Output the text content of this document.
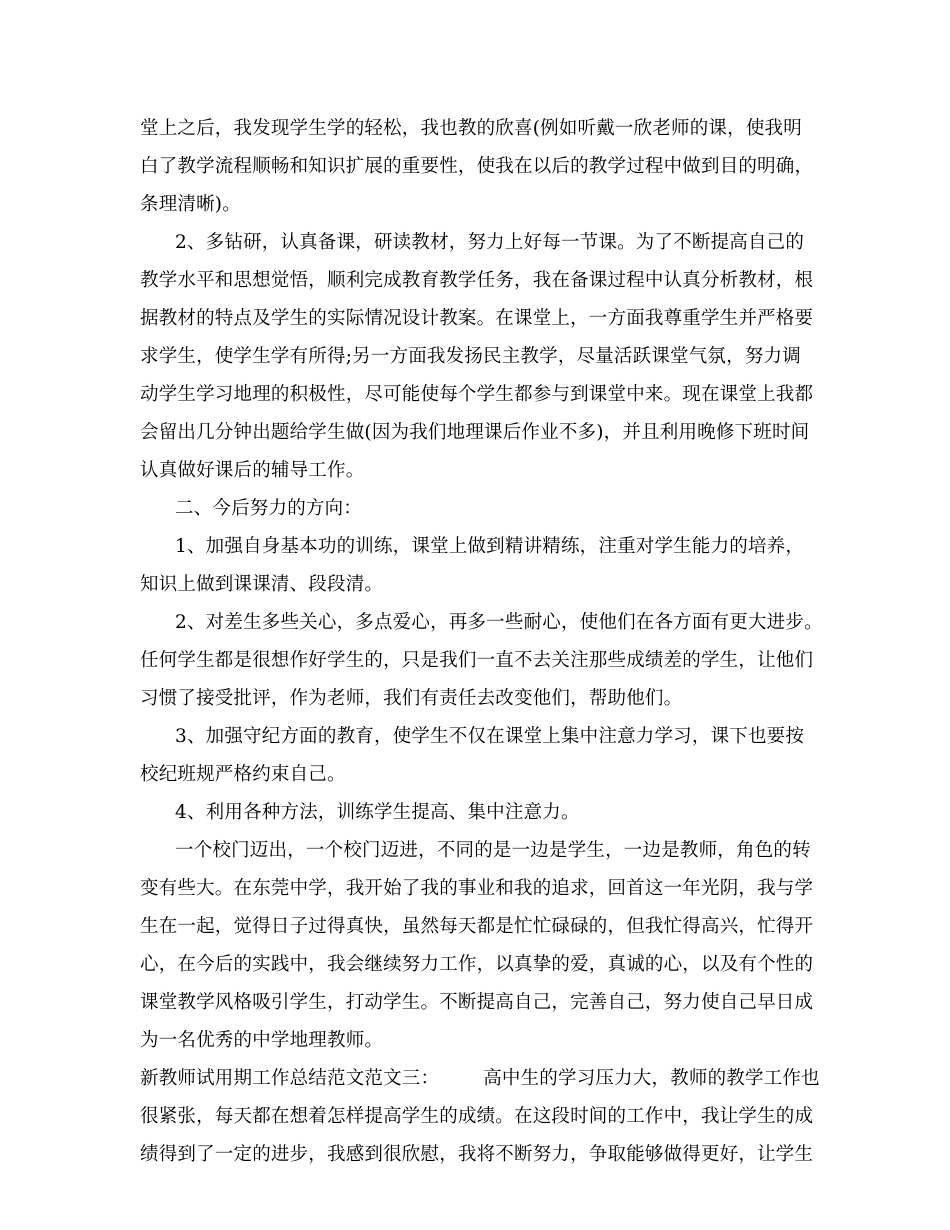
堂上之后，我发现学生学的轻松，我也教的欣喜(例如听戴一欣老师的课，使我明
白了教学流程顺畅和知识扩展的重要性，使我在以后的教学过程中做到目的明确，
条理清晰)。
2、多钻研，认真备课，研读教材，努力上好每一节课。为了不断提高自己的
教学水平和思想觉悟，顺利完成教育教学任务，我在备课过程中认真分析教材，根
据教材的特点及学生的实际情况设计教案。在课堂上，一方面我尊重学生并严格要
求学生，使学生学有所得;另一方面我发扬民主教学，尽量活跃课堂气氛，努力调
动学生学习地理的积极性，尽可能使每个学生都参与到课堂中来。现在课堂上我都
会留出几分钟出题给学生做(因为我们地理课后作业不多)，并且利用晚修下班时间
认真做好课后的辅导工作。
二、今后努力的方向：
1、加强自身基本功的训练，课堂上做到精讲精练，注重对学生能力的培养，
知识上做到课课清、段段清。
2、对差生多些关心，多点爱心，再多一些耐心，使他们在各方面有更大进步。
任何学生都是很想作好学生的，只是我们一直不去关注那些成绩差的学生，让他们
习惯了接受批评，作为老师，我们有责任去改变他们，帮助他们。
3、加强守纪方面的教育，使学生不仅在课堂上集中注意力学习，课下也要按
校纪班规严格约束自己。
4、利用各种方法，训练学生提高、集中注意力。
一个校门迈出，一个校门迈进，不同的是一边是学生，一边是教师，角色的转
变有些大。在东莞中学，我开始了我的事业和我的追求，回首这一年光阴，我与学
生在一起，觉得日子过得真快，虽然每天都是忙忙碌碌的，但我忙得高兴，忙得开
心，在今后的实践中，我会继续努力工作，以真挚的爱，真诚的心，以及有个性的
课堂教学风格吸引学生，打动学生。不断提高自己，完善自己，努力使自己早日成
为一名优秀的中学地理教师。
新教师试用期工作总结范文范文三： 高中生的学习压力大，教师的教学工作也
很紧张，每天都在想着怎样提高学生的成绩。在这段时间的工作中，我让学生的成
绩得到了一定的进步，我感到很欣慰，我将不断努力，争取能够做得更好，让学生
